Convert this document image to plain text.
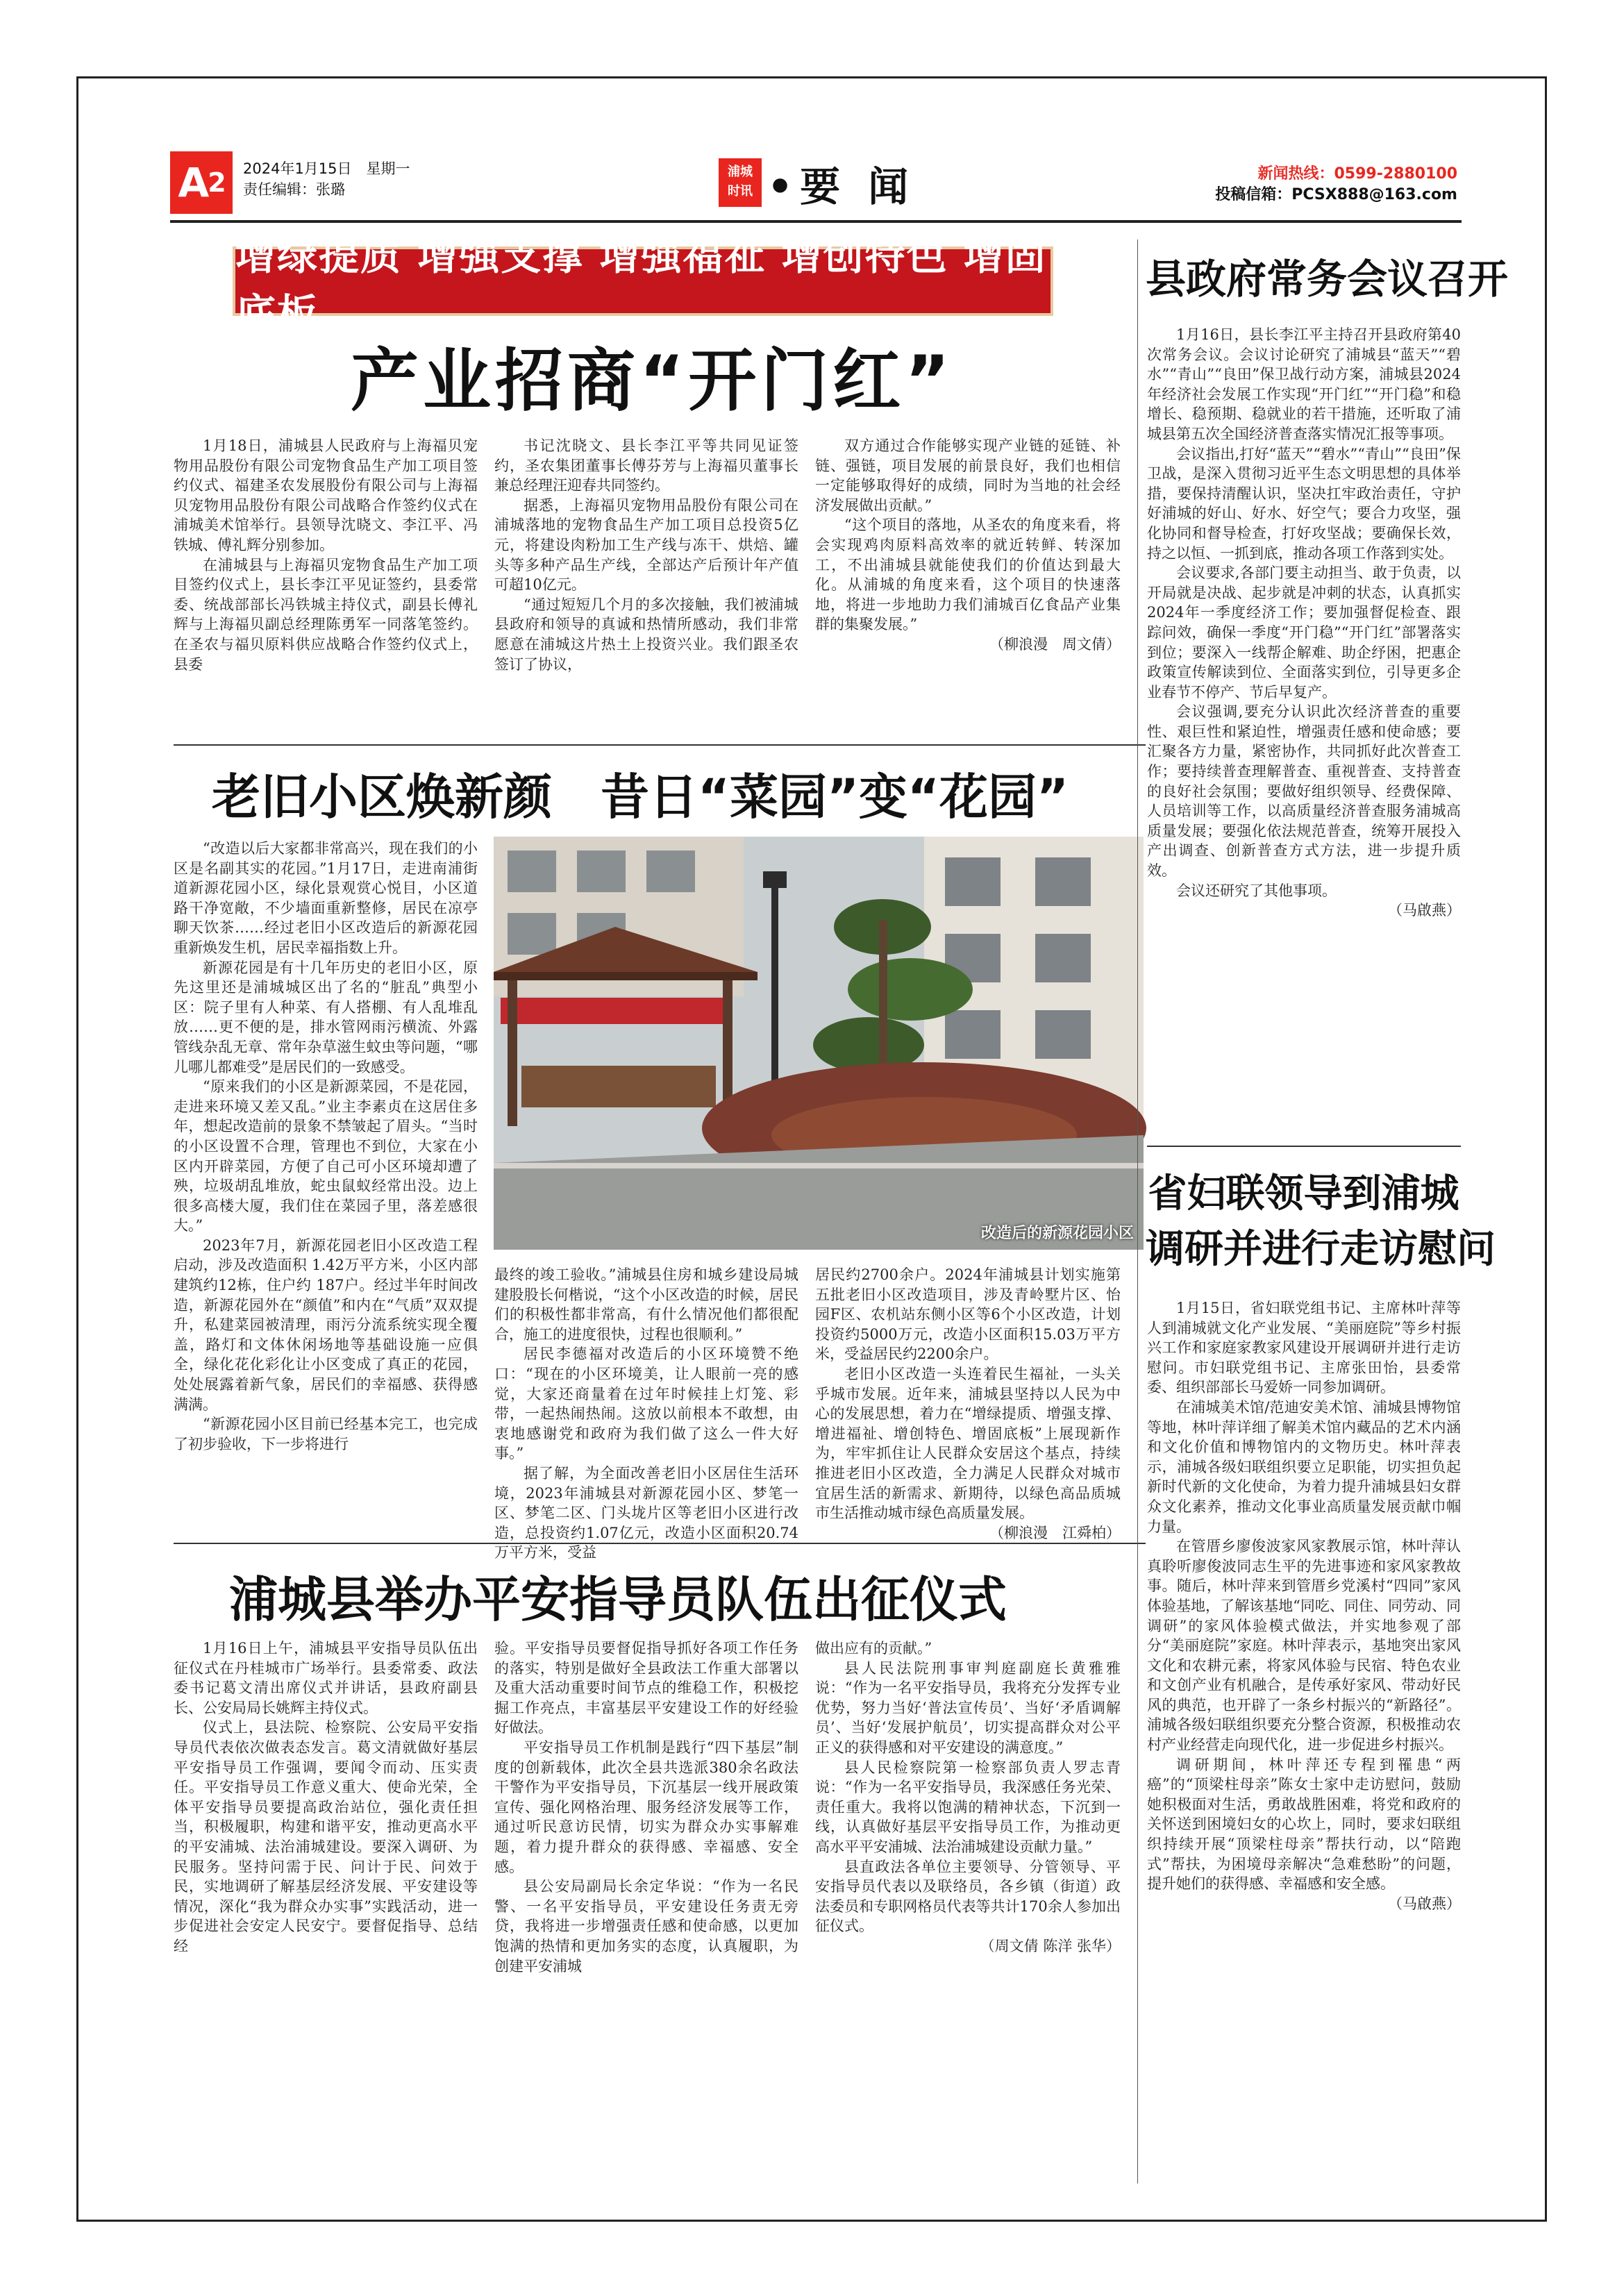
A 2 2024年1月15日　星期一
责任编辑：张璐
浦城
时讯 •要 闻	新闻热线：0599-2880100
投稿信箱：PCSX888@163.com
增绿提质 增强支撑 增强福祉 增创特色 增固底板
产业招商“开门红”

1月18日，浦城县人民政府与上海福贝宠物用品股份有限公司宠物食品生产加工项目签约仪式、福建圣农发展股份有限公司与上海福贝宠物用品股份有限公司战略合作签约仪式在浦城美术馆举行。县领导沈晓文、李江平、冯铁城、傅礼辉分别参加。

在浦城县与上海福贝宠物食品生产加工项目签约仪式上，县长李江平见证签约，县委常委、统战部部长冯铁城主持仪式，副县长傅礼辉与上海福贝副总经理陈勇军一同落笔签约。在圣农与福贝原料供应战略合作签约仪式上，县委

书记沈晓文、县长李江平等共同见证签约，圣农集团董事长傅芬芳与上海福贝董事长兼总经理汪迎春共同签约。

据悉，上海福贝宠物用品股份有限公司在浦城落地的宠物食品生产加工项目总投资5亿元，将建设肉粉加工生产线与冻干、烘焙、罐头等多种产品生产线，全部达产后预计年产值可超10亿元。

“通过短短几个月的多次接触，我们被浦城县政府和领导的真诚和热情所感动，我们非常愿意在浦城这片热土上投资兴业。我们跟圣农签订了协议，

双方通过合作能够实现产业链的延链、补链、强链，项目发展的前景良好，我们也相信一定能够取得好的成绩，同时为当地的社会经济发展做出贡献。”

“这个项目的落地，从圣农的角度来看，将会实现鸡肉原料高效率的就近转鲜、转深加工，不出浦城县就能使我们的价值达到最大化。从浦城的角度来看，这个项目的快速落地，将进一步地助力我们浦城百亿食品产业集群的集聚发展。”

（柳浪漫　周文倩）

老旧小区焕新颜　昔日“菜园”变“花园”

“改造以后大家都非常高兴，现在我们的小区是名副其实的花园。”1月17日，走进南浦街道新源花园小区，绿化景观赏心悦目，小区道路干净宽敞，不少墙面重新整修，居民在凉亭聊天饮茶……经过老旧小区改造后的新源花园重新焕发生机，居民幸福指数上升。

新源花园是有十几年历史的老旧小区，原先这里还是浦城城区出了名的“脏乱”典型小区：院子里有人种菜、有人搭棚、有人乱堆乱放……更不便的是，排水管网雨污横流、外露管线杂乱无章、常年杂草滋生蚊虫等问题，“哪儿哪儿都难受”是居民们的一致感受。

“原来我们的小区是新源菜园，不是花园，走进来环境又差又乱。”业主李素贞在这居住多年，想起改造前的景象不禁皱起了眉头。“当时的小区设置不合理，管理也不到位，大家在小区内开辟菜园，方便了自己可小区环境却遭了殃，垃圾胡乱堆放，蛇虫鼠蚁经常出没。边上很多高楼大厦，我们住在菜园子里，落差感很大。”

2023年7月，新源花园老旧小区改造工程启动，涉及改造面积 1.42万平方米，小区内部建筑约12栋，住户约 187户。经过半年时间改造，新源花园外在“颜值”和内在“气质”双双提升，私建菜园被清理，雨污分流系统实现全覆盖，路灯和文体休闲场地等基础设施一应俱全，绿化花化彩化让小区变成了真正的花园，处处展露着新气象，居民们的幸福感、获得感满满。

“新源花园小区目前已经基本完工，也完成了初步验收，下一步将进行

改造后的新源花园小区

最终的竣工验收。”浦城县住房和城乡建设局城建股股长何楷说，“这个小区改造的时候，居民们的积极性都非常高，有什么情况他们都很配合，施工的进度很快，过程也很顺利。”

居民李德福对改造后的小区环境赞不绝口：“现在的小区环境美，让人眼前一亮的感觉，大家还商量着在过年时候挂上灯笼、彩带，一起热闹热闹。这放以前根本不敢想，由衷地感谢党和政府为我们做了这么一件大好事。”

据了解，为全面改善老旧小区居住生活环境，2023年浦城县对新源花园小区、梦笔一区、梦笔二区、门头垅片区等老旧小区进行改造，总投资约1.07亿元，改造小区面积20.74万平方米，受益

居民约2700余户。2024年浦城县计划实施第五批老旧小区改造项目，涉及青岭墅片区、怡园F区、农机站东侧小区等6个小区改造，计划投资约5000万元，改造小区面积15.03万平方米，受益居民约2200余户。

老旧小区改造一头连着民生福祉，一头关乎城市发展。近年来，浦城县坚持以人民为中心的发展思想，着力在“增绿提质、增强支撑、增进福祉、增创特色、增固底板”上展现新作为，牢牢抓住让人民群众安居这个基点，持续推进老旧小区改造，全力满足人民群众对城市宜居生活的新需求、新期待，以绿色高品质城市生活推动城市绿色高质量发展。

（柳浪漫　江舜柏）

浦城县举办平安指导员队伍出征仪式

1月16日上午，浦城县平安指导员队伍出征仪式在丹桂城市广场举行。县委常委、政法委书记葛文清出席仪式并讲话，县政府副县长、公安局局长姚辉主持仪式。

仪式上，县法院、检察院、公安局平安指导员代表依次做表态发言。葛文清就做好基层平安指导员工作强调，要闻令而动、压实责任。平安指导员工作意义重大、使命光荣，全体平安指导员要提高政治站位，强化责任担当，积极履职，构建和谐平安，推动更高水平的平安浦城、法治浦城建设。要深入调研、为民服务。坚持问需于民、问计于民、问效于民，实地调研了解基层经济发展、平安建设等情况，深化“我为群众办实事”实践活动，进一步促进社会安定人民安宁。要督促指导、总结经

验。平安指导员要督促指导抓好各项工作任务的落实，特别是做好全县政法工作重大部署以及重大活动重要时间节点的维稳工作，积极挖掘工作亮点，丰富基层平安建设工作的好经验好做法。

平安指导员工作机制是践行“四下基层”制度的创新载体，此次全县共选派380余名政法干警作为平安指导员，下沉基层一线开展政策宣传、强化网格治理、服务经济发展等工作，通过听民意访民情，切实为群众办实事解难题，着力提升群众的获得感、幸福感、安全感。

县公安局副局长余定华说：“作为一名民警、一名平安指导员，平安建设任务责无旁贷，我将进一步增强责任感和使命感，以更加饱满的热情和更加务实的态度，认真履职，为创建平安浦城

做出应有的贡献。”

县人民法院刑事审判庭副庭长黄雅雅说：“作为一名平安指导员，我将充分发挥专业优势，努力当好‘普法宣传员’、当好‘矛盾调解员’、当好‘发展护航员’，切实提高群众对公平正义的获得感和对平安建设的满意度。”

县人民检察院第一检察部负责人罗志青说：“作为一名平安指导员，我深感任务光荣、责任重大。我将以饱满的精神状态，下沉到一线，认真做好基层平安指导员工作，为推动更高水平平安浦城、法治浦城建设贡献力量。”

县直政法各单位主要领导、分管领导、平安指导员代表以及联络员，各乡镇（街道）政法委员和专职网格员代表等共计170余人参加出征仪式。

（周文倩 陈洋 张华）

县政府常务会议召开

1月16日，县长李江平主持召开县政府第40次常务会议。会议讨论研究了浦城县“蓝天”“碧水”“青山”“良田”保卫战行动方案，浦城县2024年经济社会发展工作实现“开门红”“开门稳”和稳增长、稳预期、稳就业的若干措施，还听取了浦城县第五次全国经济普查落实情况汇报等事项。

会议指出,打好“蓝天”“碧水”“青山”“良田”保卫战，是深入贯彻习近平生态文明思想的具体举措，要保持清醒认识，坚决扛牢政治责任，守护好浦城的好山、好水、好空气；要合力攻坚，强化协同和督导检查，打好攻坚战；要确保长效，持之以恒、一抓到底，推动各项工作落到实处。

会议要求,各部门要主动担当、敢于负责，以开局就是决战、起步就是冲刺的状态，认真抓实2024年一季度经济工作；要加强督促检查、跟踪问效，确保一季度“开门稳”“开门红”部署落实到位；要深入一线帮企解难、助企纾困，把惠企政策宣传解读到位、全面落实到位，引导更多企业春节不停产、节后早复产。

会议强调,要充分认识此次经济普查的重要性、艰巨性和紧迫性，增强责任感和使命感；要汇聚各方力量，紧密协作，共同抓好此次普查工作；要持续普查理解普查、重视普查、支持普查的良好社会氛围；要做好组织领导、经费保障、人员培训等工作，以高质量经济普查服务浦城高质量发展；要强化依法规范普查，统筹开展投入产出调查、创新普查方式方法，进一步提升质效。

会议还研究了其他事项。

（马啟燕）

省妇联领导到浦城
调研并进行走访慰问

1月15日，省妇联党组书记、主席林叶萍等人到浦城就文化产业发展、“美丽庭院”等乡村振兴工作和家庭家教家风建设开展调研并进行走访慰问。市妇联党组书记、主席张田怡，县委常委、组织部部长马爱娇一同参加调研。

在浦城美术馆/范迪安美术馆、浦城县博物馆等地，林叶萍详细了解美术馆内藏品的艺术内涵和文化价值和博物馆内的文物历史。林叶萍表示，浦城各级妇联组织要立足职能，切实担负起新时代新的文化使命，为着力提升浦城县妇女群众文化素养，推动文化事业高质量发展贡献巾帼力量。

在管厝乡廖俊波家风家教展示馆，林叶萍认真聆听廖俊波同志生平的先进事迹和家风家教故事。随后，林叶萍来到管厝乡党溪村“四同”家风体验基地，了解该基地“同吃、同住、同劳动、同调研”的家风体验模式做法，并实地参观了部分“美丽庭院”家庭。林叶萍表示，基地突出家风文化和农耕元素，将家风体验与民宿、特色农业和文创产业有机融合，是传承好家风、带动好民风的典范，也开辟了一条乡村振兴的“新路径”。浦城各级妇联组织要充分整合资源，积极推动农村产业经营走向现代化，进一步促进乡村振兴。

调研期间，林叶萍还专程到罹患“两癌”的“顶梁柱母亲”陈女士家中走访慰问，鼓励她积极面对生活，勇敢战胜困难，将党和政府的关怀送到困境妇女的心坎上，同时，要求妇联组织持续开展“顶梁柱母亲”帮扶行动，以“陪跑式”帮扶，为困境母亲解决“急难愁盼”的问题，提升她们的获得感、幸福感和安全感。

（马啟燕）
